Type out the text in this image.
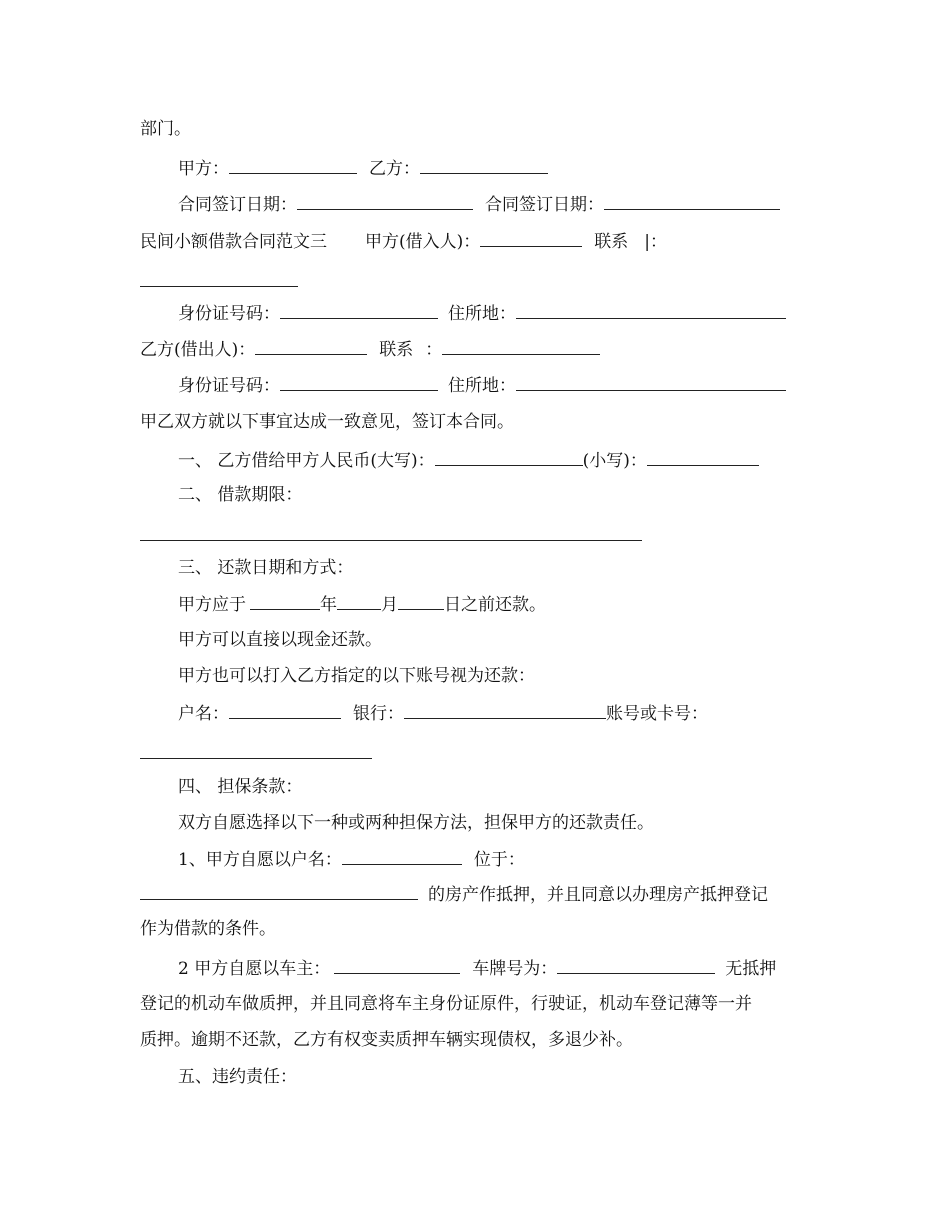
部门。
甲方：	乙方：
合同签订日期：	合同签订日期：
民间小额借款合同范文三 甲方(借入人)：	联系 |：
身份证号码：	住所地：
乙方(借出人)：	联系 ：
身份证号码：	住所地：
甲乙双方就以下事宜达成一致意见，签订本合同。
一、 乙方借给甲方人民币(大写)：	(小写)：
二、 借款期限：
三、 还款日期和方式：
甲方应于	年	月	日之前还款。
甲方可以直接以现金还款。
甲方也可以打入乙方指定的以下账号视为还款：
户名：	银行：	账号或卡号：
四、 担保条款：
双方自愿选择以下一种或两种担保方法，担保甲方的还款责任。
1、甲方自愿以户名：	位于：
的房产作抵押，并且同意以办理房产抵押登记
作为借款的条件。
2 甲方自愿以车主：	车牌号为：	无抵押
登记的机动车做质押，并且同意将车主身份证原件，行驶证，机动车登记薄等一并
质押。逾期不还款，乙方有权变卖质押车辆实现债权，多退少补。
五、违约责任：
